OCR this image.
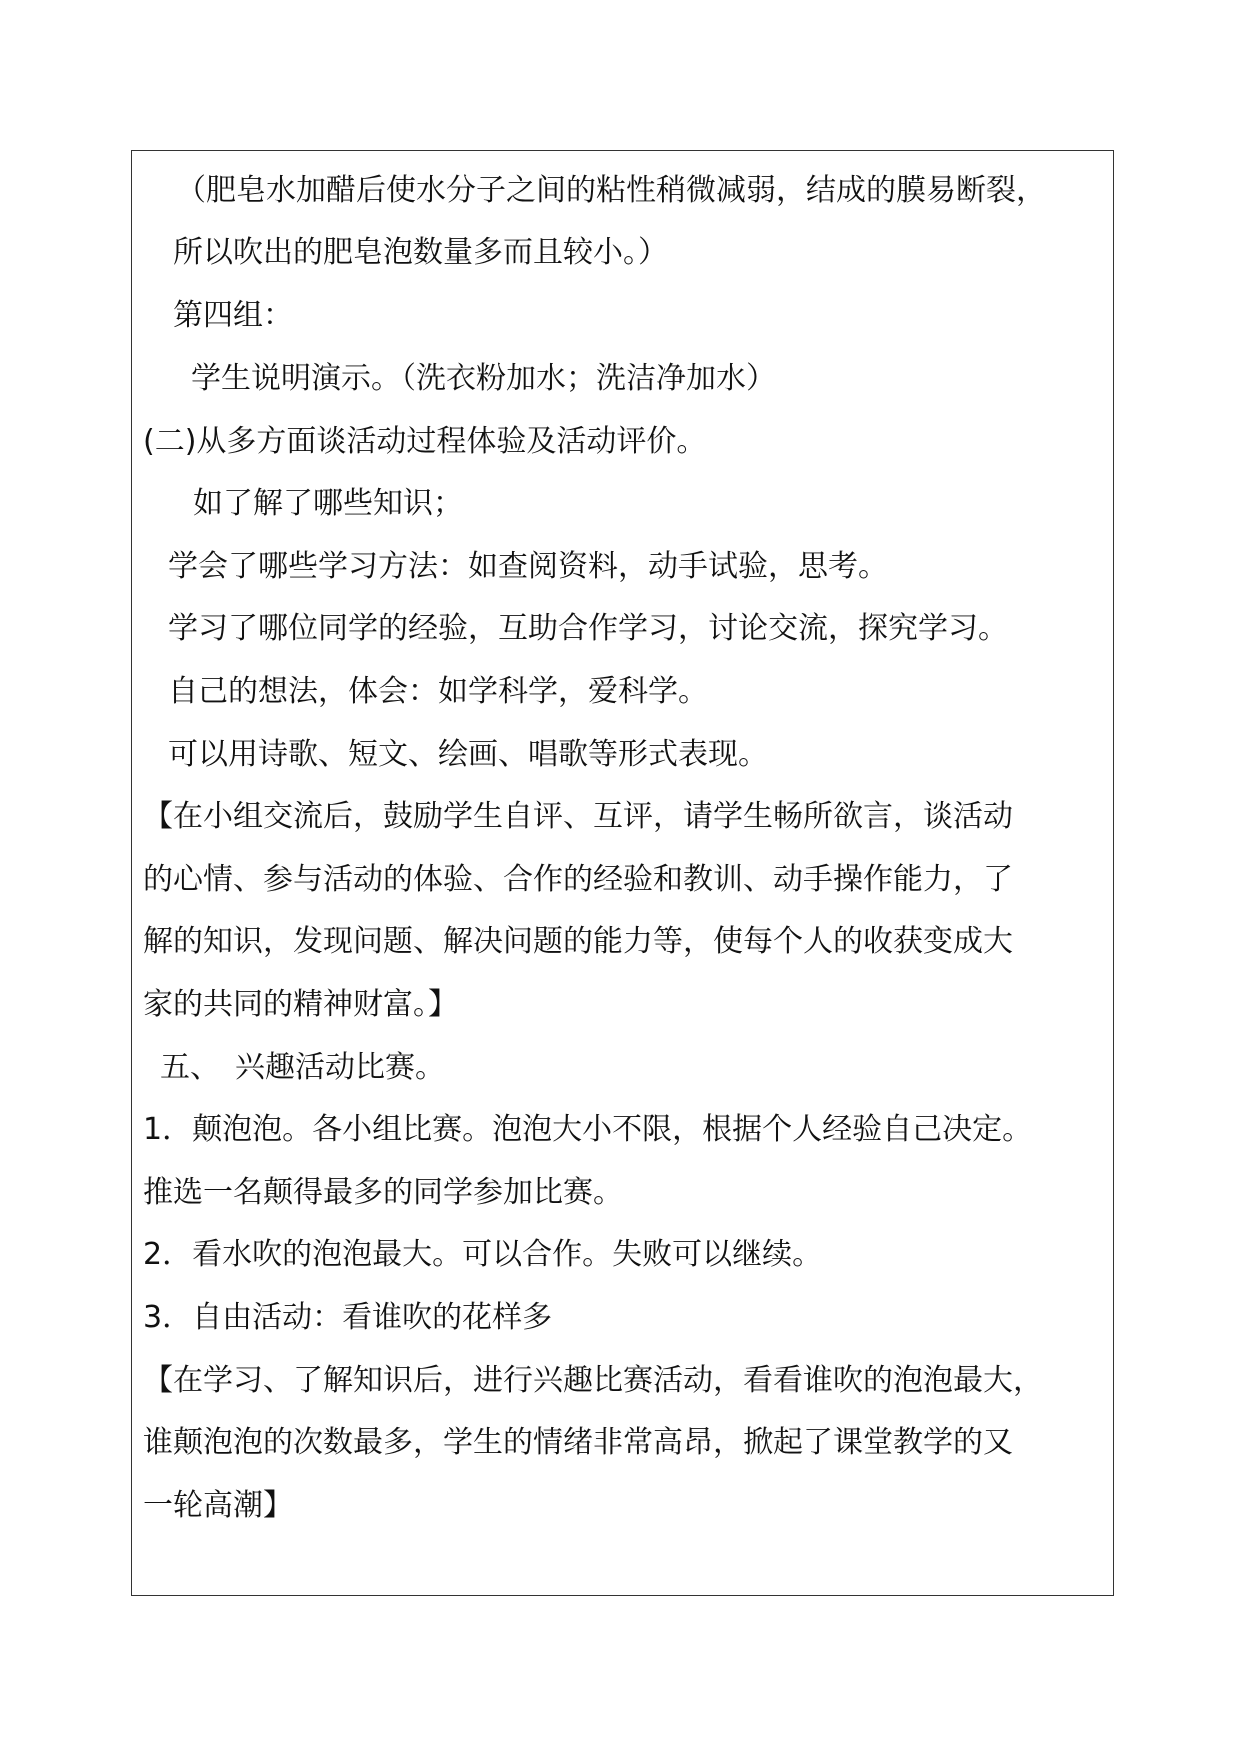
（肥皂水加醋后使水分子之间的粘性稍微减弱，结成的膜易断裂，
所以吹出的肥皂泡数量多而且较小。）
第四组：
学生说明演示。（洗衣粉加水；洗洁净加水）
(二)从多方面谈活动过程体验及活动评价。
如了解了哪些知识；
学会了哪些学习方法：如查阅资料，动手试验，思考。
学习了哪位同学的经验，互助合作学习，讨论交流，探究学习。
自己的想法，体会：如学科学，爱科学。
可以用诗歌、短文、绘画、唱歌等形式表现。
【在小组交流后，鼓励学生自评、互评，请学生畅所欲言，谈活动
的心情、参与活动的体验、合作的经验和教训、动手操作能力，了
解的知识，发现问题、解决问题的能力等，使每个人的收获变成大
家的共同的精神财富。】
五、　兴趣活动比赛。
1．颠泡泡。各小组比赛。泡泡大小不限，根据个人经验自己决定。
推选一名颠得最多的同学参加比赛。
2．看水吹的泡泡最大。可以合作。失败可以继续。
3．自由活动：看谁吹的花样多
【在学习、了解知识后，进行兴趣比赛活动，看看谁吹的泡泡最大，
谁颠泡泡的次数最多，学生的情绪非常高昂，掀起了课堂教学的又
一轮高潮】
